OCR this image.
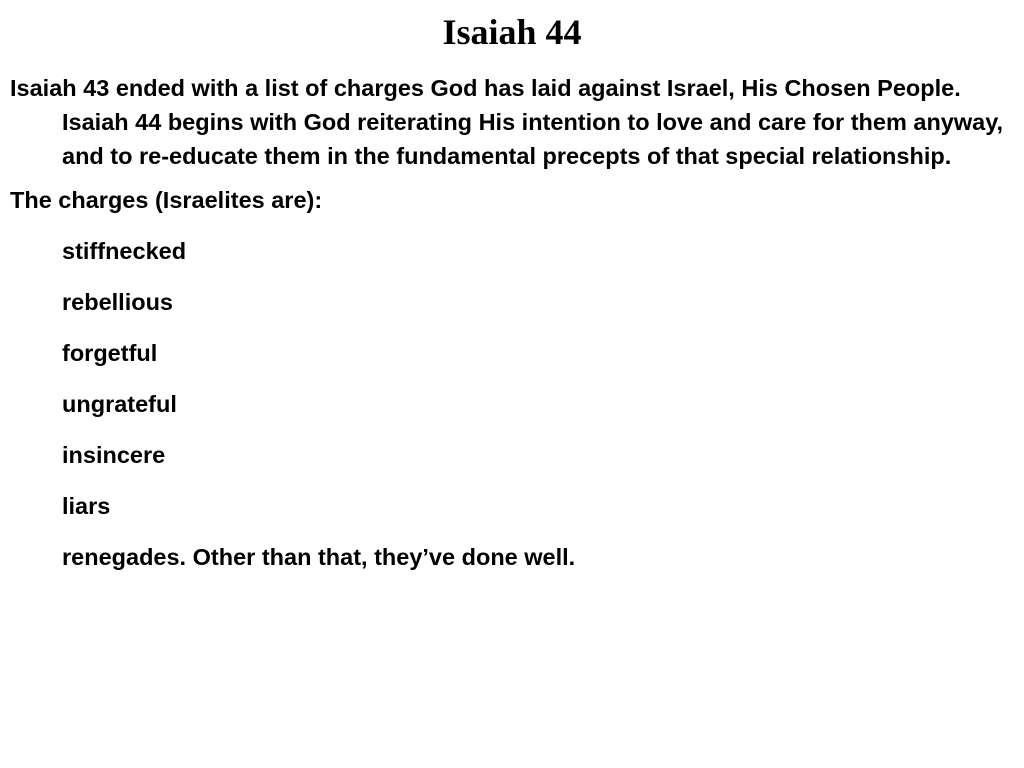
Isaiah 44

Isaiah 43 ended with a list of charges God has laid against Israel, His Chosen People. Isaiah 44 begins with God reiterating His intention to love and care for them anyway, and to re-educate them in the fundamental precepts of that special relationship.

The charges (Israelites are):

stiffnecked
rebellious
forgetful
ungrateful
insincere
liars
renegades. Other than that, they’ve done well.
